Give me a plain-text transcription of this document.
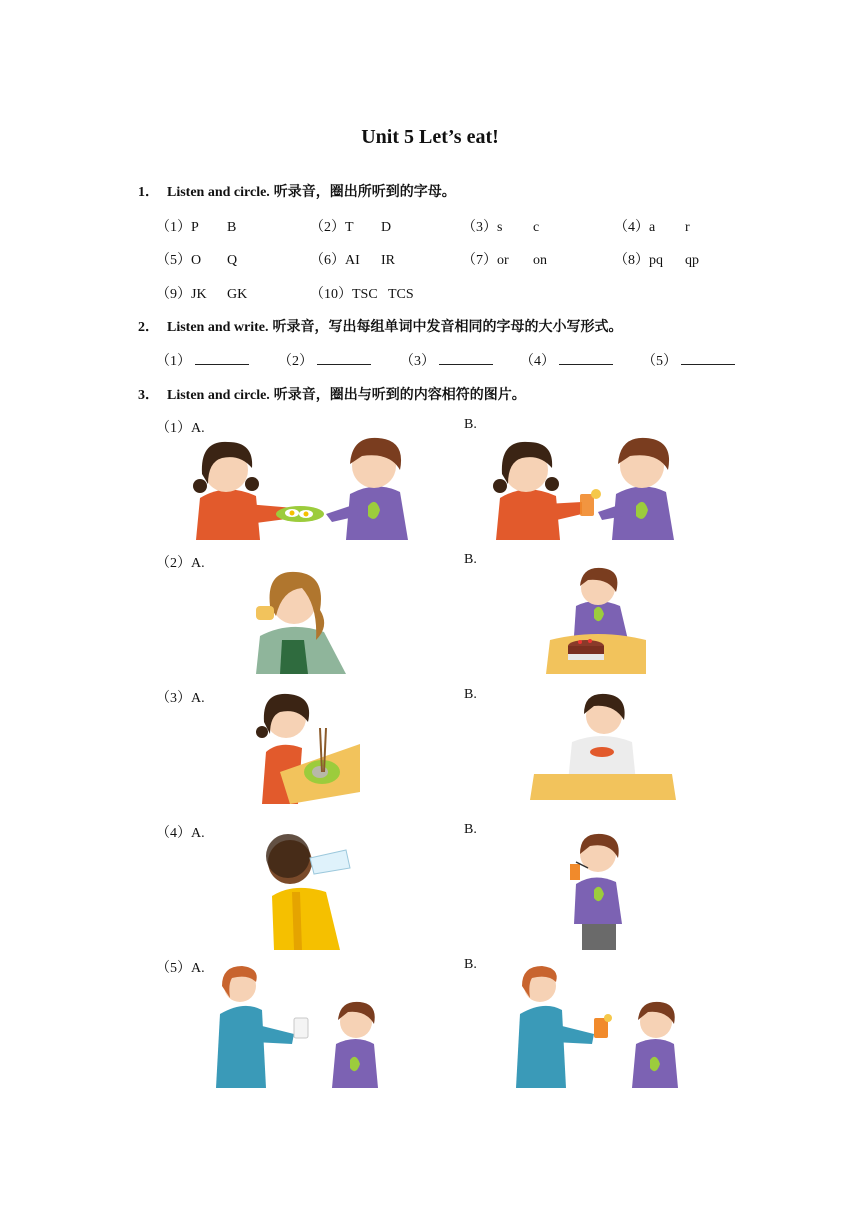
Unit 5 Let’s eat!
1． Listen and circle. 听录音，圈出所听到的字母。
（1）P B	（2）T D	（3）s c	（4）a r
（5）O Q	（6）AI IR	（7）or on	（8）pq qp
（9）JK GK	（10）TSC TCS
2． Listen and write. 听录音，写出每组单词中发音相同的字母的大小写形式。
（1）	（2）	（3）	（4）	（5）
3． Listen and circle. 听录音，圈出与听到的内容相符的图片。
（1）A.	B.
（2）A.	B.
（3）A.	B.
（4）A.	B.
（5）A.	B.
